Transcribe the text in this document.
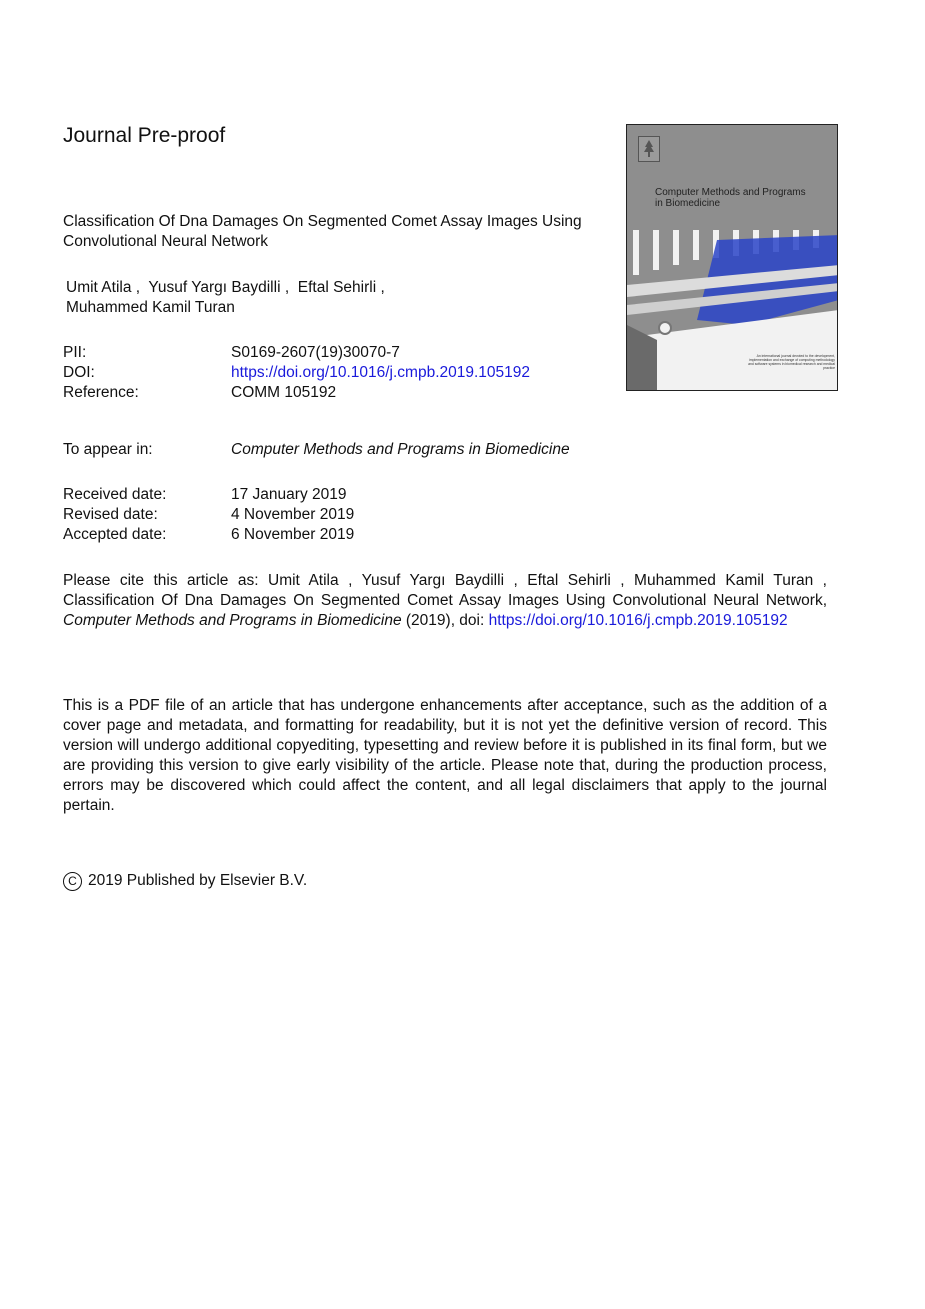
Journal Pre-proof
Classification Of Dna Damages On Segmented Comet Assay Images Using Convolutional Neural Network
Umit Atila ,  Yusuf Yargı Baydilli ,  Eftal Sehirli ,
Muhammed Kamil Turan
PII:	S0169-2607(19)30070-7
DOI:	https://doi.org/10.1016/j.cmpb.2019.105192
Reference:	COMM 105192
To appear in:	Computer Methods and Programs in Biomedicine
Received date:	17 January 2019
Revised date:	4 November 2019
Accepted date:	6 November 2019
Please cite this article as: Umit Atila , Yusuf Yargı Baydilli , Eftal Sehirli , Muhammed Kamil Turan , Classification Of Dna Damages On Segmented Comet Assay Images Using Convolutional Neural Network, Computer Methods and Programs in Biomedicine (2019), doi: https://doi.org/10.1016/j.cmpb.2019.105192
This is a PDF file of an article that has undergone enhancements after acceptance, such as the addition of a cover page and metadata, and formatting for readability, but it is not yet the definitive version of record. This version will undergo additional copyediting, typesetting and review before it is published in its final form, but we are providing this version to give early visibility of the article. Please note that, during the production process, errors may be discovered which could affect the content, and all legal disclaimers that apply to the journal pertain.
C 2019 Published by Elsevier B.V.
Computer Methods and Programs in Biomedicine
An international journal devoted to the development, implementation and exchange of computing methodology and software systems in biomedical research and medical practice
